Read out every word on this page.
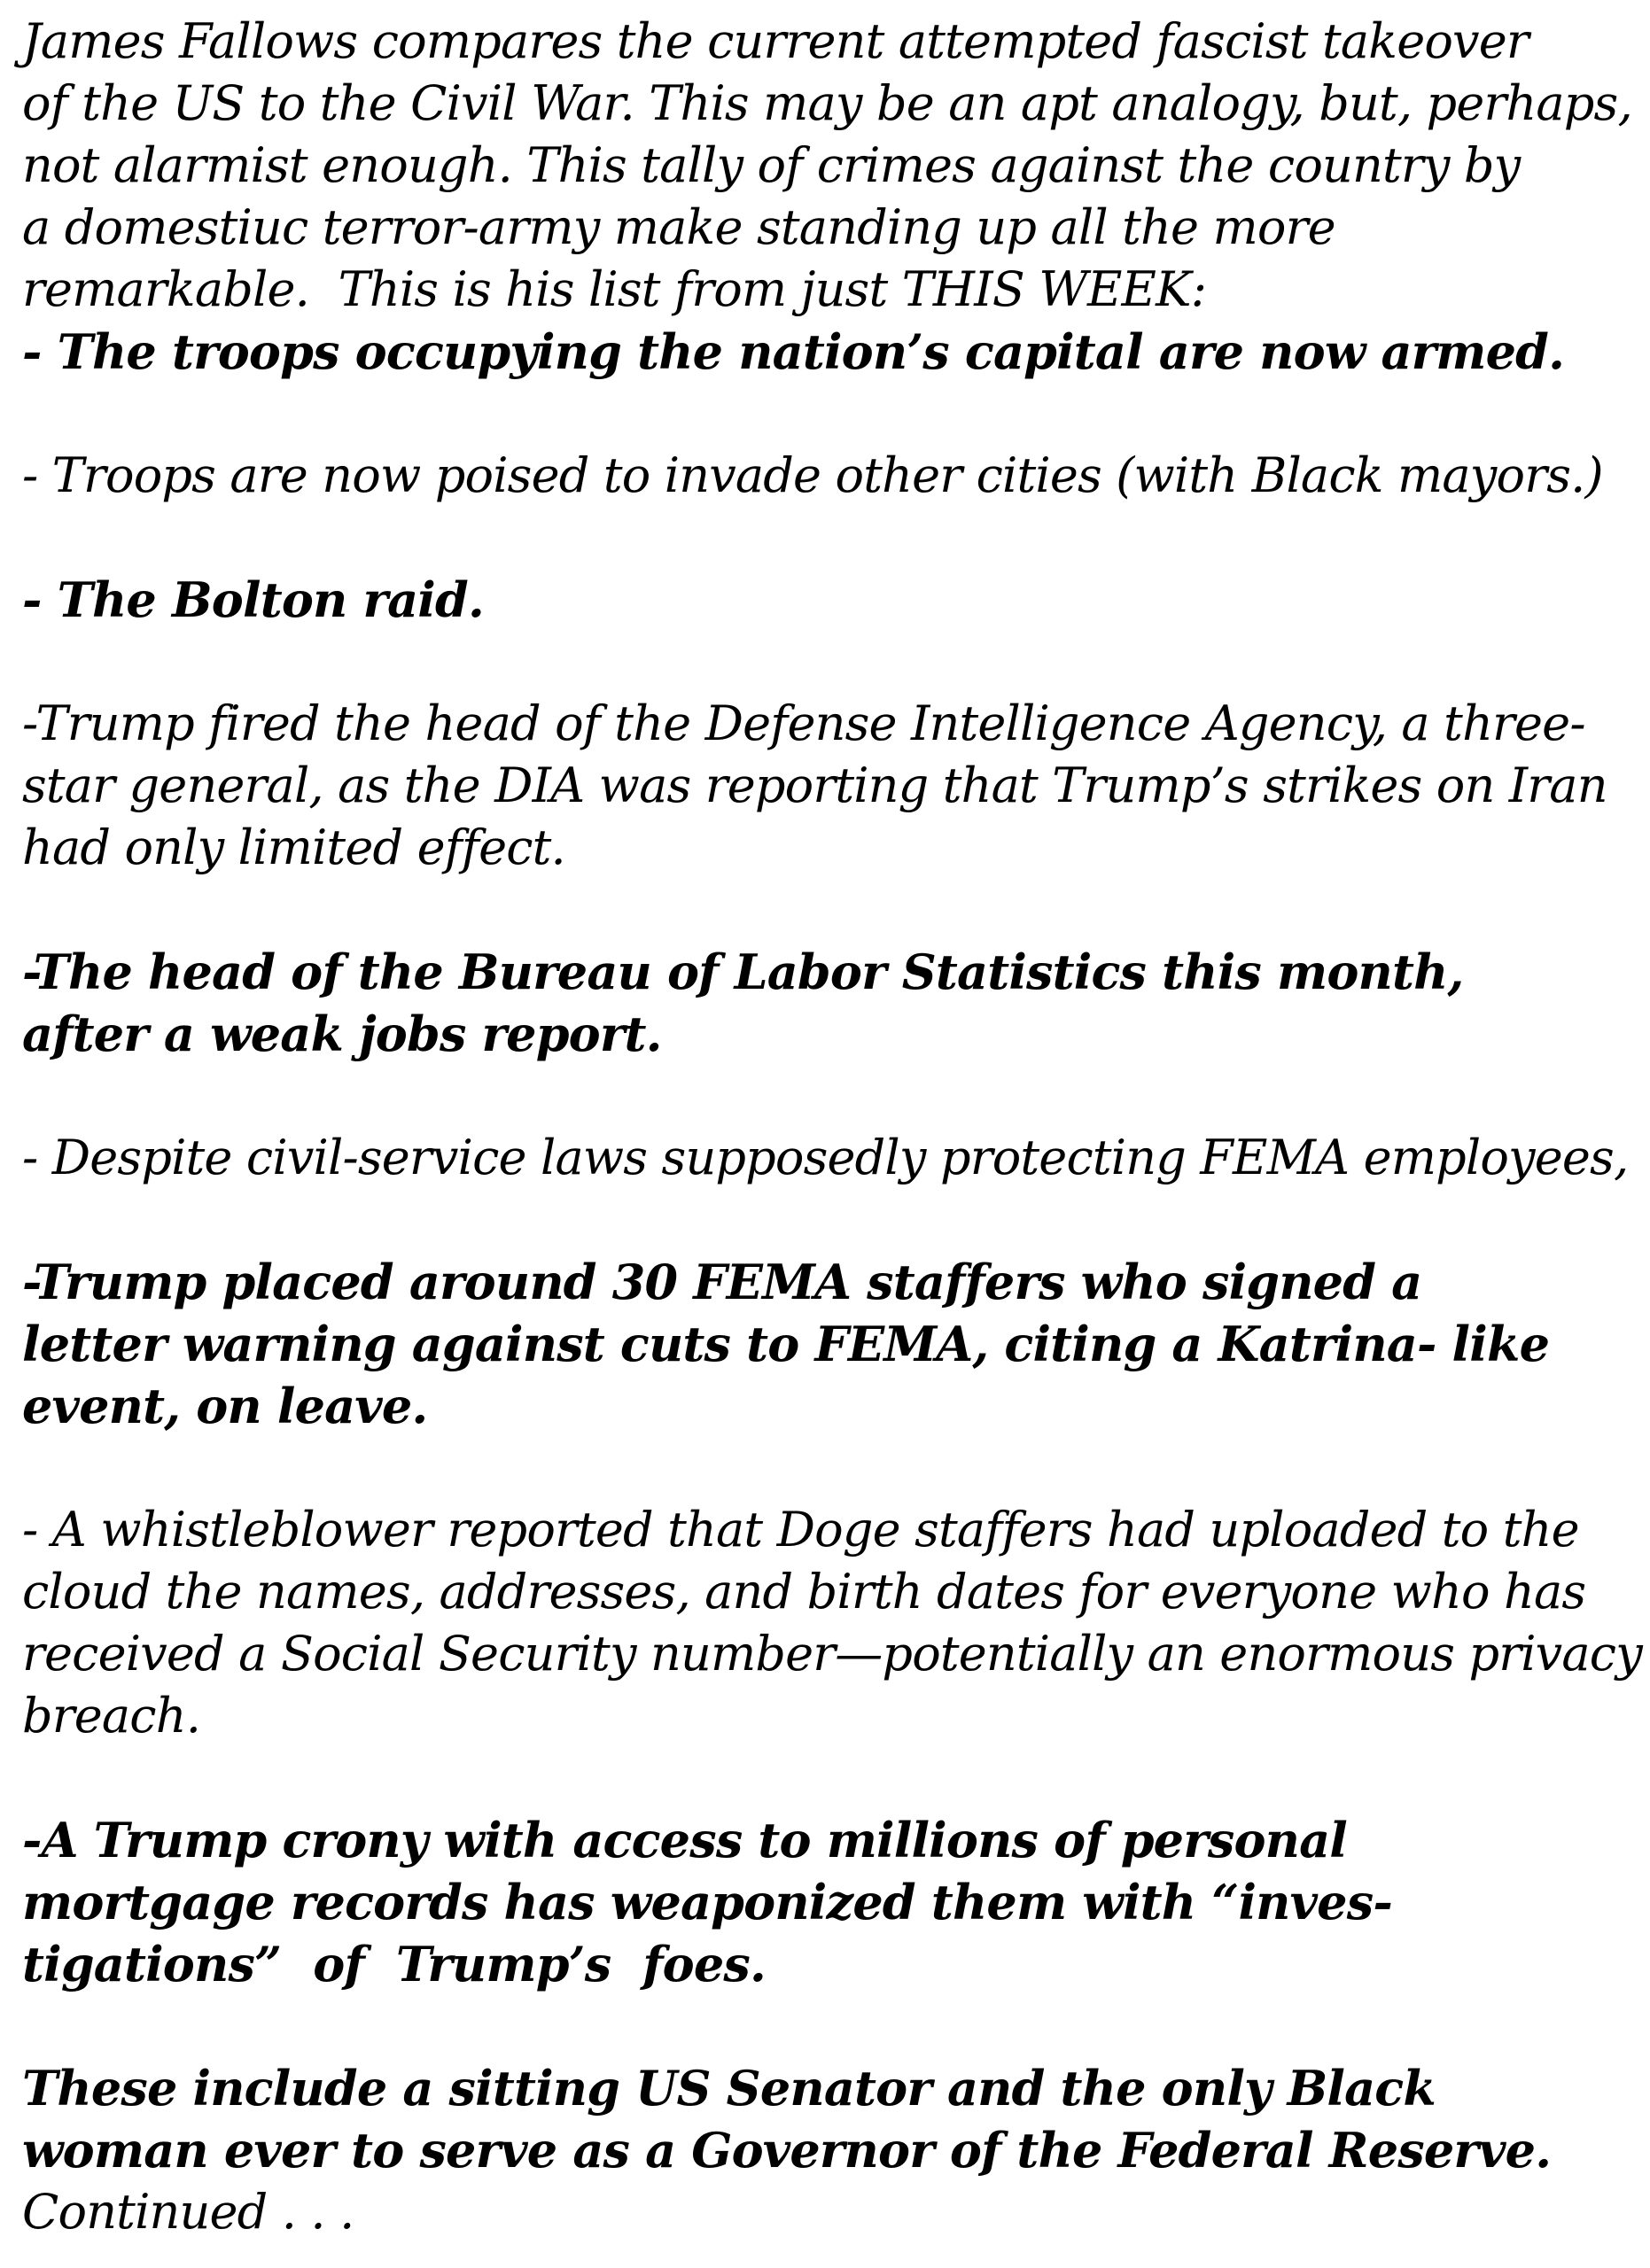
James Fallows compares the current attempted fascist takeover
of the US to the Civil War. This may be an apt analogy, but, perhaps,
not alarmist enough. This tally of crimes against the country by
a domestiuc terror-army make standing up all the more
remarkable.  This is his list from just THIS WEEK:

- The troops occupying the nation’s capital are now armed.

- Troops are now poised to invade other cities (with Black mayors.)

- The Bolton raid.

-Trump fired the head of the Defense Intelligence Agency, a three-
star general, as the DIA was reporting that Trump’s strikes on Iran
had only limited effect.

-The head of the Bureau of Labor Statistics this month,
after a weak jobs report.

- Despite civil-service laws supposedly protecting FEMA employees,

-Trump placed around 30 FEMA staffers who signed a
letter warning against cuts to FEMA, citing a Katrina- like
event, on leave.

- A whistleblower reported that Doge staffers had uploaded to the
cloud the names, addresses, and birth dates for everyone who has
received a Social Security number—potentially an enormous privacy
breach.

-A Trump crony with access to millions of personal
mortgage records has weaponized them with “inves-
tigations”  of  Trump’s  foes.

These include a sitting US Senator and the only Black
woman ever to serve as a Governor of the Federal Reserve.

Continued . . .
